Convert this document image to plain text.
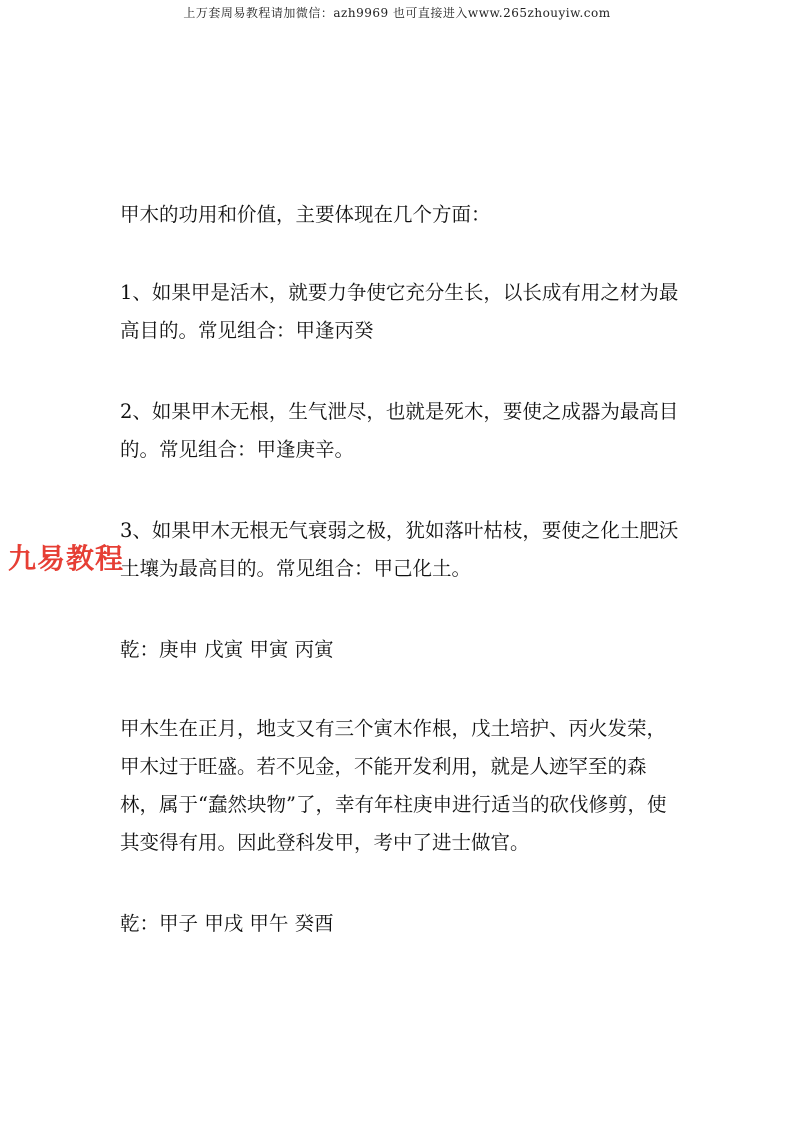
上万套周易教程请加微信：azh9969 也可直接进入www.265zhouyiw.com

甲木的功用和价值，主要体现在几个方面：

1、如果甲是活木，就要力争使它充分生长，以长成有用之材为最高目的。常见组合：甲逢丙癸

2、如果甲木无根，生气泄尽，也就是死木，要使之成器为最高目的。常见组合：甲逢庚辛。

3、如果甲木无根无气衰弱之极，犹如落叶枯枝，要使之化土肥沃土壤为最高目的。常见组合：甲己化土。

乾：庚申 戊寅 甲寅 丙寅

甲木生在正月，地支又有三个寅木作根，戊土培护、丙火发荣，甲木过于旺盛。若不见金，不能开发利用，就是人迹罕至的森林，属于“蠢然块物”了，幸有年柱庚申进行适当的砍伐修剪，使其变得有用。因此登科发甲，考中了进士做官。

乾：甲子 甲戌 甲午 癸酉

九易教程
